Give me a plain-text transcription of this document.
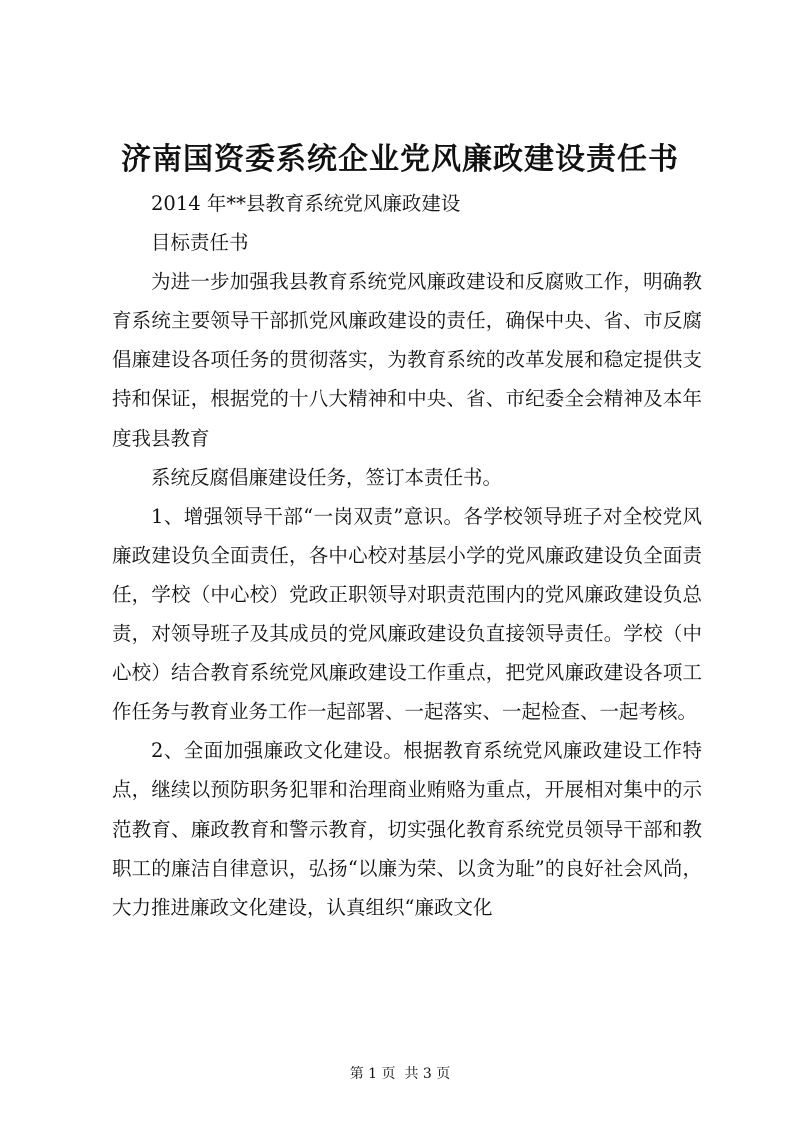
济南国资委系统企业党风廉政建设责任书

2014 年**县教育系统党风廉政建设

目标责任书

为进一步加强我县教育系统党风廉政建设和反腐败工作，明确教育系统主要领导干部抓党风廉政建设的责任，确保中央、省、市反腐倡廉建设各项任务的贯彻落实，为教育系统的改革发展和稳定提供支持和保证，根据党的十八大精神和中央、省、市纪委全会精神及本年度我县教育

系统反腐倡廉建设任务，签订本责任书。

1、增强领导干部“一岗双责”意识。各学校领导班子对全校党风廉政建设负全面责任，各中心校对基层小学的党风廉政建设负全面责任，学校（中心校）党政正职领导对职责范围内的党风廉政建设负总责，对领导班子及其成员的党风廉政建设负直接领导责任。学校（中心校）结合教育系统党风廉政建设工作重点，把党风廉政建设各项工作任务与教育业务工作一起部署、一起落实、一起检查、一起考核。

2、全面加强廉政文化建设。根据教育系统党风廉政建设工作特点，继续以预防职务犯罪和治理商业贿赂为重点，开展相对集中的示范教育、廉政教育和警示教育，切实强化教育系统党员领导干部和教职工的廉洁自律意识，弘扬“以廉为荣、以贪为耻”的良好社会风尚，大力推进廉政文化建设，认真组织“廉政文化

第 1 页  共 3 页
